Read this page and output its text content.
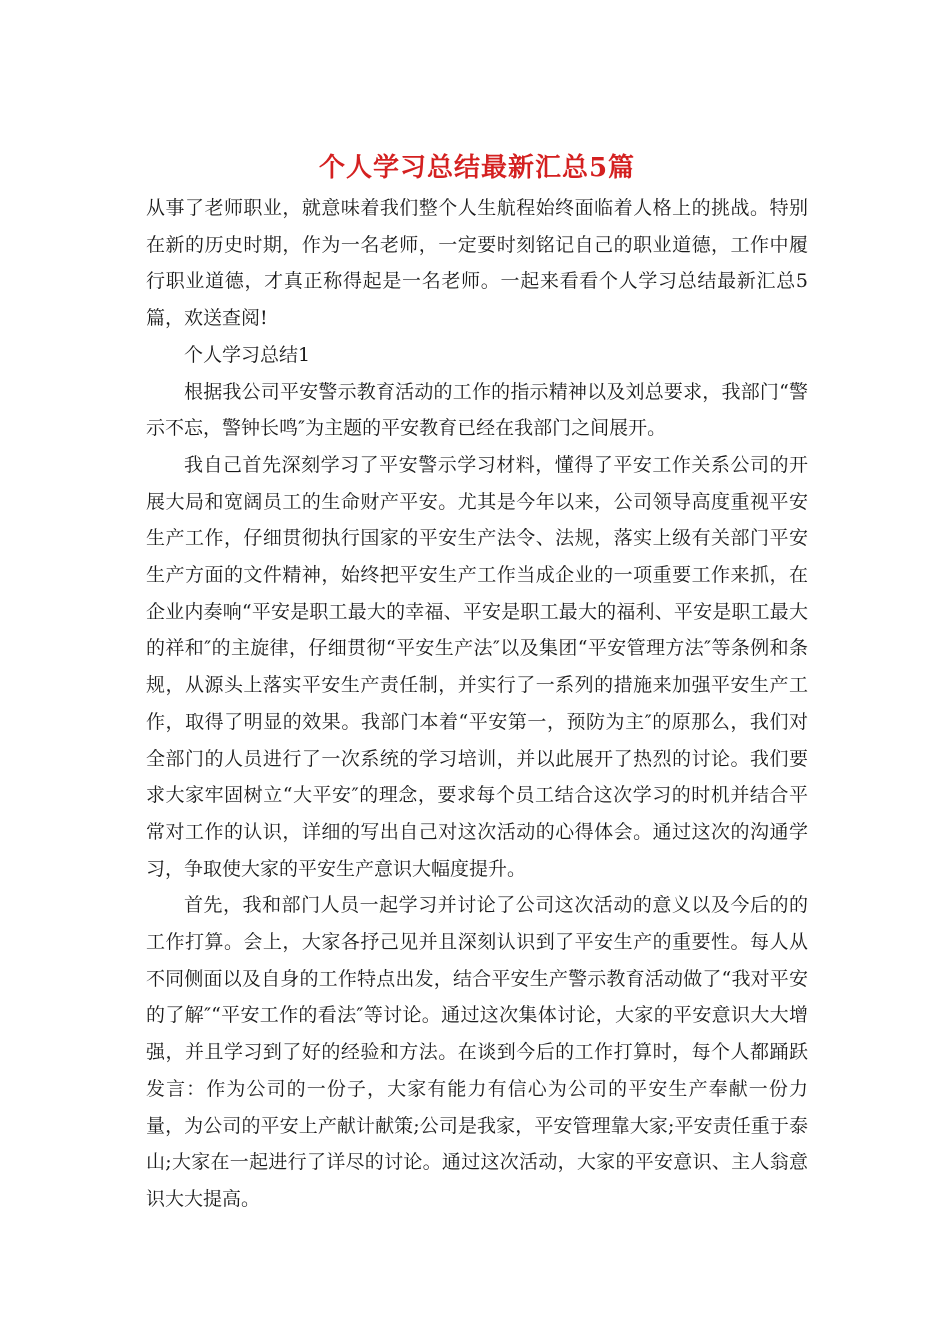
个人学习总结最新汇总5篇

从事了老师职业，就意味着我们整个人生航程始终面临着人格上的挑战。特别在新的历史时期，作为一名老师，一定要时刻铭记自己的职业道德，工作中履行职业道德，才真正称得起是一名老师。一起来看看个人学习总结最新汇总5篇，欢送查阅!

个人学习总结1

根据我公司平安警示教育活动的工作的指示精神以及刘总要求，我部门“警示不忘，警钟长鸣″为主题的平安教育已经在我部门之间展开。

我自己首先深刻学习了平安警示学习材料，懂得了平安工作关系公司的开展大局和宽阔员工的生命财产平安。尤其是今年以来，公司领导高度重视平安生产工作，仔细贯彻执行国家的平安生产法令、法规，落实上级有关部门平安生产方面的文件精神，始终把平安生产工作当成企业的一项重要工作来抓，在企业内奏响“平安是职工最大的幸福、平安是职工最大的福利、平安是职工最大的祥和″的主旋律，仔细贯彻“平安生产法″以及集团“平安管理方法″等条例和条规，从源头上落实平安生产责任制，并实行了一系列的措施来加强平安生产工作，取得了明显的效果。我部门本着“平安第一，预防为主″的原那么，我们对全部门的人员进行了一次系统的学习培训，并以此展开了热烈的讨论。我们要求大家牢固树立“大平安″的理念，要求每个员工结合这次学习的时机并结合平常对工作的认识，详细的写出自己对这次活动的心得体会。通过这次的沟通学习，争取使大家的平安生产意识大幅度提升。

首先，我和部门人员一起学习并讨论了公司这次活动的意义以及今后的的工作打算。会上，大家各抒己见并且深刻认识到了平安生产的重要性。每人从不同侧面以及自身的工作特点出发，结合平安生产警示教育活动做了“我对平安的了解″“平安工作的看法″等讨论。通过这次集体讨论，大家的平安意识大大增强，并且学习到了好的经验和方法。在谈到今后的工作打算时，每个人都踊跃发言：作为公司的一份子，大家有能力有信心为公司的平安生产奉献一份力量，为公司的平安上产献计献策;公司是我家，平安管理靠大家;平安责任重于泰山;大家在一起进行了详尽的讨论。通过这次活动，大家的平安意识、主人翁意识大大提高。
